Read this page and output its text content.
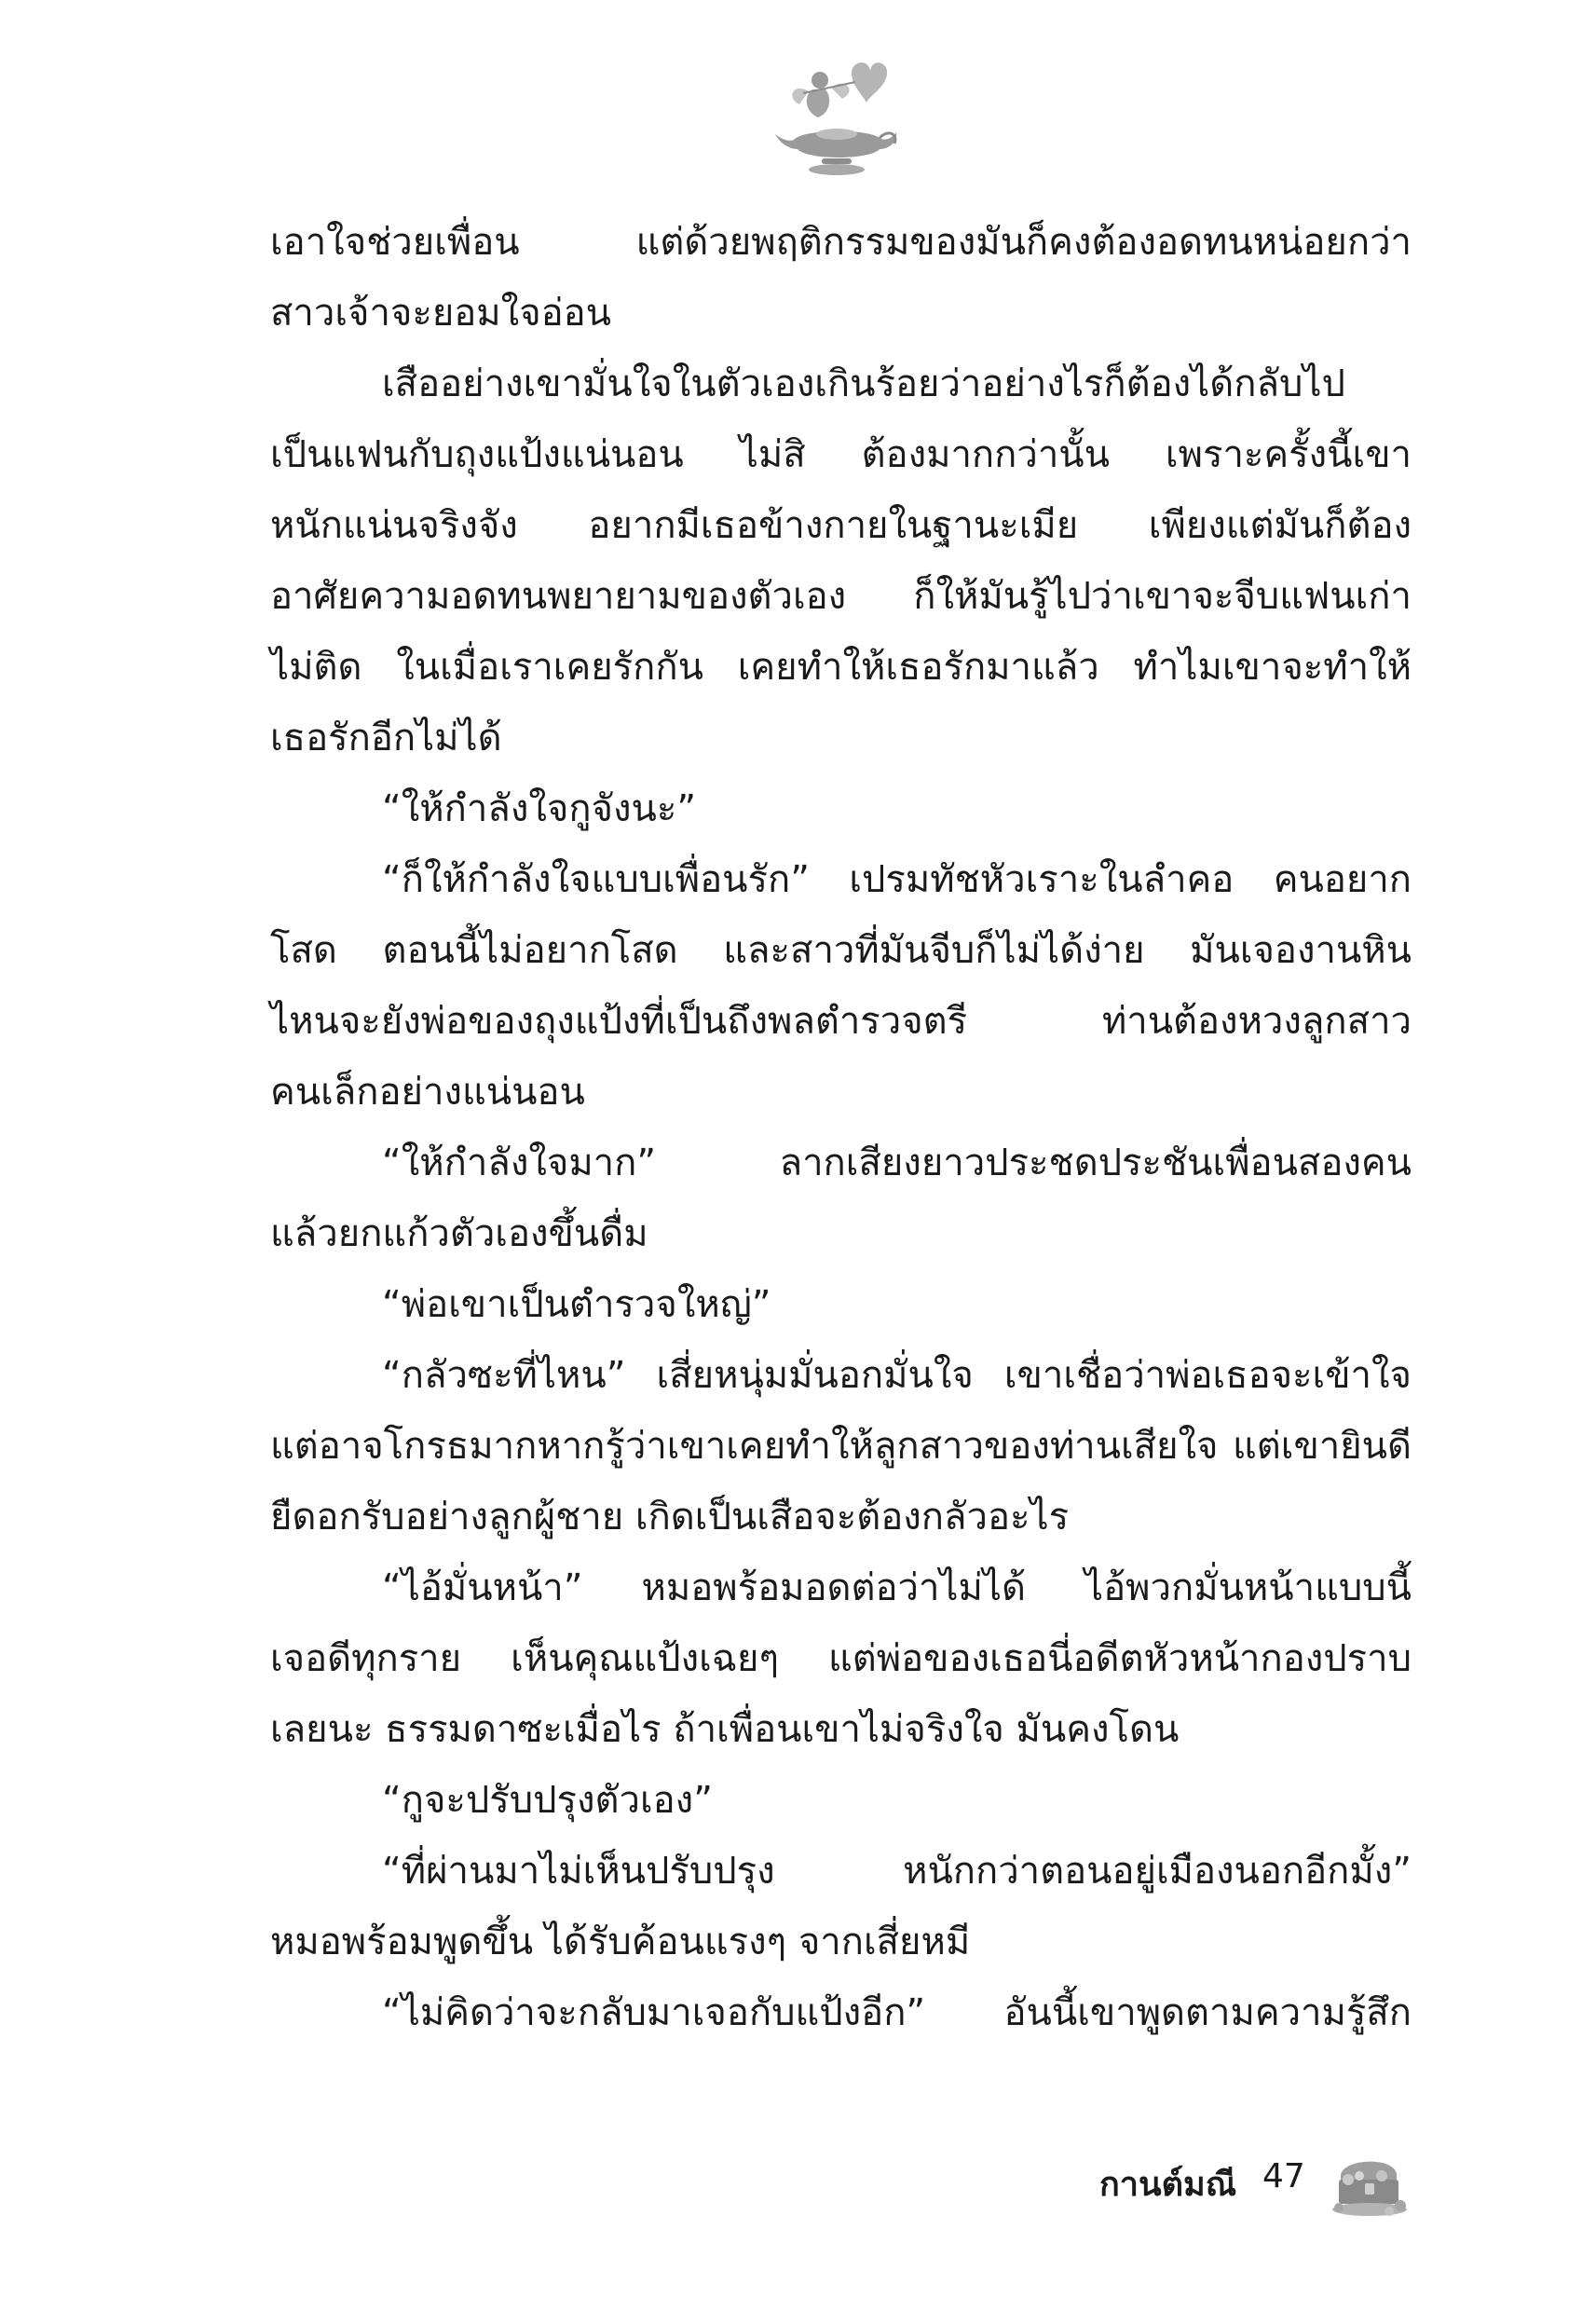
เอาใจช่วยเพื่อน แต่ด้วยพฤติกรรมของมันก็คงต้องอดทนหน่อยกว่า
สาวเจ้าจะยอมใจอ่อน
เสืออย่างเขามั่นใจในตัวเองเกินร้อยว่าอย่างไรก็ต้องได้กลับไป
เป็นแฟนกับถุงแป้งแน่นอน ไม่สิ ต้องมากกว่านั้น เพราะครั้งนี้เขา
หนักแน่นจริงจัง อยากมีเธอข้างกายในฐานะเมีย เพียงแต่มันก็ต้อง
อาศัยความอดทนพยายามของตัวเอง ก็ให้มันรู้ไปว่าเขาจะจีบแฟนเก่า
ไม่ติด ในเมื่อเราเคยรักกัน เคยทำให้เธอรักมาแล้ว ทำไมเขาจะทำให้
เธอรักอีกไม่ได้
“ให้กำลังใจกูจังนะ”
“ก็ให้กำลังใจแบบเพื่อนรัก” เปรมทัชหัวเราะในลำคอ คนอยาก
โสด ตอนนี้ไม่อยากโสด และสาวที่มันจีบก็ไม่ได้ง่าย มันเจองานหิน
ไหนจะยังพ่อของถุงแป้งที่เป็นถึงพลตำรวจตรี ท่านต้องหวงลูกสาว
คนเล็กอย่างแน่นอน
“ให้กำลังใจมาก” ลากเสียงยาวประชดประชันเพื่อนสองคน
แล้วยกแก้วตัวเองขึ้นดื่ม
“พ่อเขาเป็นตำรวจใหญ่”
“กลัวซะที่ไหน” เสี่ยหนุ่มมั่นอกมั่นใจ เขาเชื่อว่าพ่อเธอจะเข้าใจ
แต่อาจโกรธมากหากรู้ว่าเขาเคยทำให้ลูกสาวของท่านเสียใจ แต่เขายินดี
ยืดอกรับอย่างลูกผู้ชาย เกิดเป็นเสือจะต้องกลัวอะไร
“ไอ้มั่นหน้า” หมอพร้อมอดต่อว่าไม่ได้ ไอ้พวกมั่นหน้าแบบนี้
เจอดีทุกราย เห็นคุณแป้งเฉยๆ แต่พ่อของเธอนี่อดีตหัวหน้ากองปราบ
เลยนะ ธรรมดาซะเมื่อไร ถ้าเพื่อนเขาไม่จริงใจ มันคงโดน
“กูจะปรับปรุงตัวเอง”
“ที่ผ่านมาไม่เห็นปรับปรุง หนักกว่าตอนอยู่เมืองนอกอีกมั้ง”
หมอพร้อมพูดขึ้น ได้รับค้อนแรงๆ จากเสี่ยหมี
“ไม่คิดว่าจะกลับมาเจอกับแป้งอีก” อันนี้เขาพูดตามความรู้สึก
กานต์มณี 47
